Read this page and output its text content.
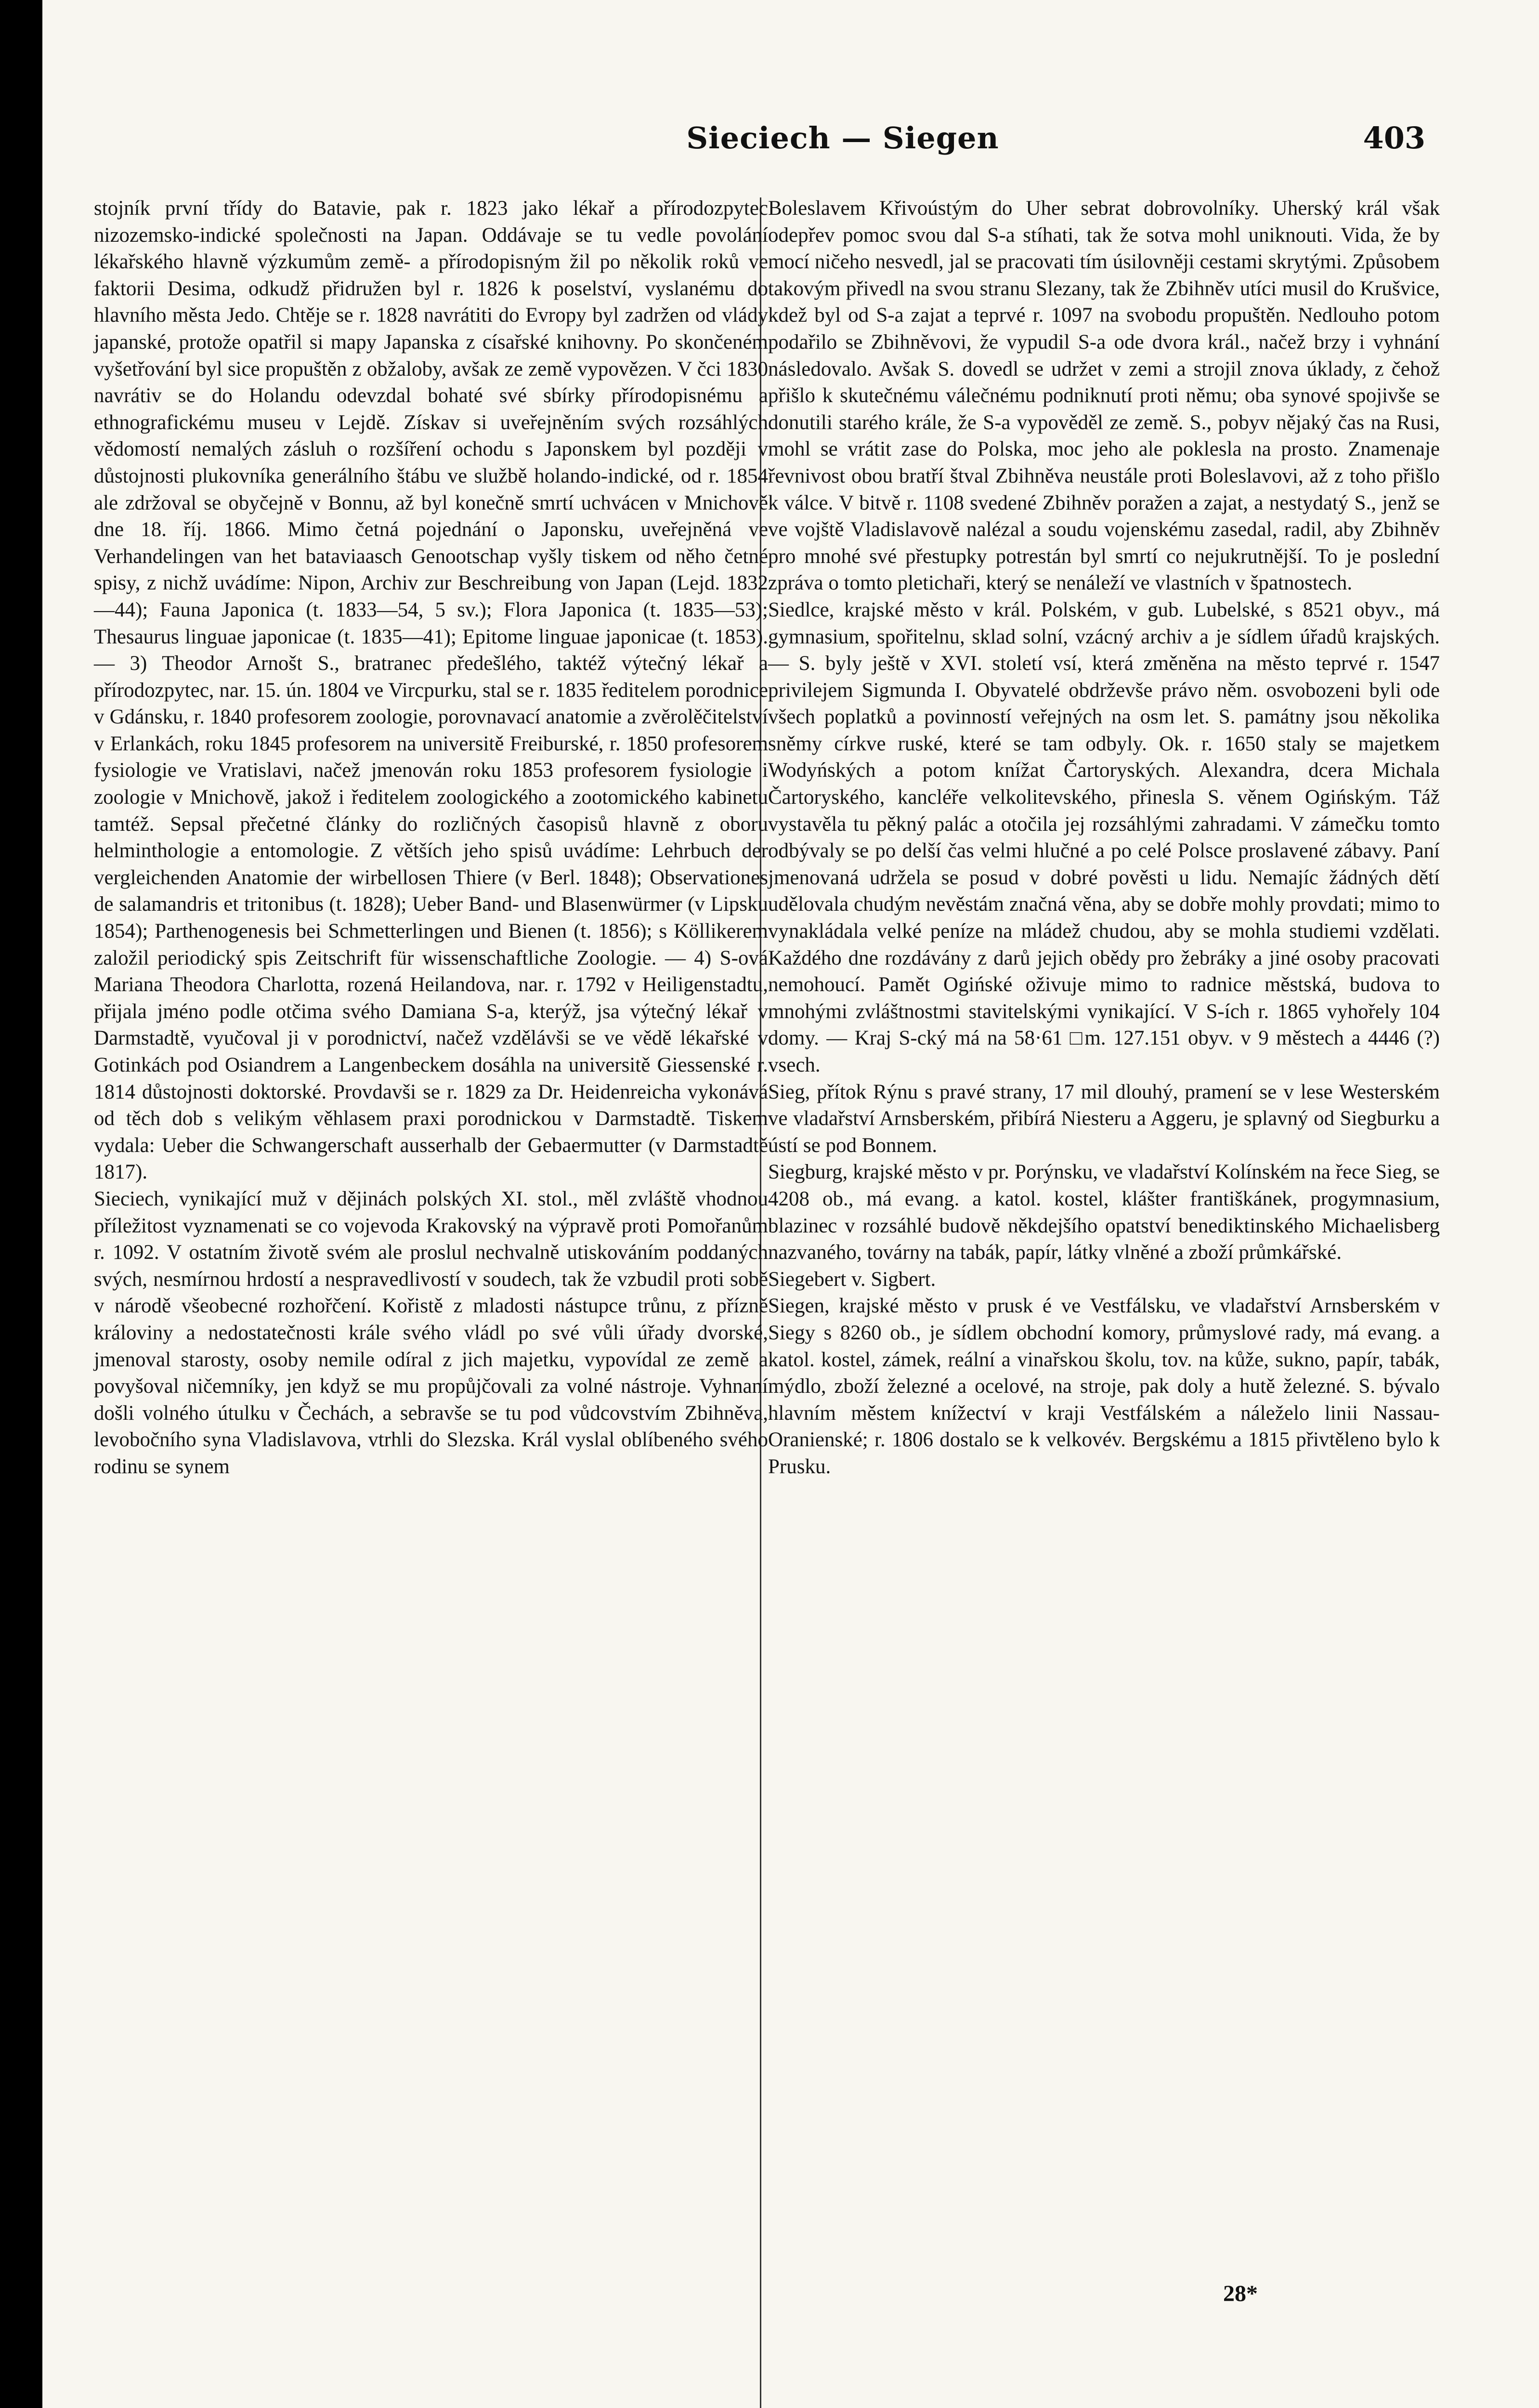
Sieciech — Siegen	403

stojník první třídy do Batavie, pak r. 1823 jako lékař a přírodozpytec nizozemsko-indické společnosti na Japan. Oddávaje se tu vedle povolání lékařského hlavně výzkumům země- a přírodopisným žil po několik roků ve faktorii Desima, odkudž přidružen byl r. 1826 k poselství, vyslanému do hlavního města Jedo. Chtěje se r. 1828 navrátiti do Evropy byl zadržen od vlády japanské, protože opatřil si mapy Japanska z císařské knihovny. Po skončeném vyšetřování byl sice propuštěn z obžaloby, avšak ze země vypovězen. V čci 1830 navrátiv se do Holandu odevzdal bohaté své sbírky přírodopisnému a ethnografickému museu v Lejdě. Získav si uveřejněním svých rozsáhlých vědomostí nemalých zásluh o rozšíření ochodu s Japonskem byl později v důstojnosti plukovníka generálního štábu ve službě holando-indické, od r. 1854 ale zdržoval se obyčejně v Bonnu, až byl konečně smrtí uchvácen v Mnichově dne 18. říj. 1866. Mimo četná pojednání o Japonsku, uveřejněná ve Verhandelingen van het bataviaasch Genootschap vyšly tiskem od něho četné spisy, z nichž uvádíme: Nipon, Archiv zur Beschreibung von Japan (Lejd. 1832—44); Fauna Japonica (t. 1833—54, 5 sv.); Flora Japonica (t. 1835—53); Thesaurus linguae japonicae (t. 1835—41); Epitome linguae japonicae (t. 1853). — 3) Theodor Arnošt S., bratranec předešlého, taktéž výtečný lékař a přírodozpytec, nar. 15. ún. 1804 ve Vircpurku, stal se r. 1835 ředitelem porodnice v Gdánsku, r. 1840 profesorem zoologie, porovnavací anatomie a zvěrolěčitelství v Erlankách, roku 1845 profesorem na universitě Freiburské, r. 1850 profesorem fysiologie ve Vratislavi, načež jmenován roku 1853 profesorem fysiologie i zoologie v Mnichově, jakož i ředitelem zoologického a zootomického kabinetu tamtéž. Sepsal přečetné články do rozličných časopisů hlavně z oboru helminthologie a entomologie. Z větších jeho spisů uvádíme: Lehrbuch der vergleichenden Anatomie der wirbellosen Thiere (v Berl. 1848); Observationes de salamandris et tritonibus (t. 1828); Ueber Band- und Blasenwürmer (v Lipsku 1854); Parthenogenesis bei Schmetterlingen und Bienen (t. 1856); s Köllikerem založil periodický spis Zeitschrift für wissenschaftliche Zoologie. — 4) S-ová Mariana Theodora Charlotta, rozená Heilandova, nar. r. 1792 v Heiligenstadtu, přijala jméno podle otčima svého Damiana S-a, kterýž, jsa výtečný lékař v Darmstadtě, vyučoval ji v porodnictví, načež vzdělávši se ve vědě lékařské v Gotinkách pod Osiandrem a Langenbeckem dosáhla na universitě Giessenské r. 1814 důstojnosti doktorské. Provdavši se r. 1829 za Dr. Heidenreicha vykonává od těch dob s velikým věhlasem praxi porodnickou v Darmstadtě. Tiskem vydala: Ueber die Schwangerschaft ausserhalb der Gebaermutter (v Darmstadtě 1817).

Sieciech, vynikající muž v dějinách polských XI. stol., měl zvláště vhodnou příležitost vyznamenati se co vojevoda Krakovský na výpravě proti Pomořanům r. 1092. V ostatním životě svém ale proslul nechvalně utiskováním poddaných svých, nesmírnou hrdostí a nespravedlivostí v soudech, tak že vzbudil proti sobě v národě všeobecné rozhořčení. Kořistě z mladosti nástupce trůnu, z přízně královiny a nedostatečnosti krále svého vládl po své vůli úřady dvorské, jmenoval starosty, osoby nemile odíral z jich majetku, vypovídal ze země a povyšoval ničemníky, jen když se mu propůjčovali za volné nástroje. Vyhnaní došli volného útulku v Čechách, a sebravše se tu pod vůdcovstvím Zbihněva, levobočního syna Vladislavova, vtrhli do Slezska. Král vyslal oblíbeného svého rodinu se synem

Boleslavem Křivoústým do Uher sebrat dobrovolníky. Uherský král však odepřev pomoc svou dal S-a stíhati, tak že sotva mohl uniknouti. Vida, že by mocí ničeho nesvedl, jal se pracovati tím úsilovněji cestami skrytými. Způsobem takovým přivedl na svou stranu Slezany, tak že Zbihněv utíci musil do Krušvice, kdež byl od S-a zajat a teprvé r. 1097 na svobodu propuštěn. Nedlouho potom podařilo se Zbihněvovi, že vypudil S-a ode dvora král., načež brzy i vyhnání následovalo. Avšak S. dovedl se udržet v zemi a strojil znova úklady, z čehož přišlo k skutečnému válečnému podniknutí proti němu; oba synové spojivše se donutili starého krále, že S-a vypověděl ze země. S., pobyv nějaký čas na Rusi, mohl se vrátit zase do Polska, moc jeho ale poklesla na prosto. Znamenaje řevnivost obou bratří štval Zbihněva neustále proti Boleslavovi, až z toho přišlo k válce. V bitvě r. 1108 svedené Zbihněv poražen a zajat, a nestydatý S., jenž se ve vojště Vladislavově nalézal a soudu vojenskému zasedal, radil, aby Zbihněv pro mnohé své přestupky potrestán byl smrtí co nejukrutnější. To je poslední zpráva o tomto pletichaři, který se nenáleží ve vlastních v špatnostech.

Siedlce, krajské město v král. Polském, v gub. Lubelské, s 8521 obyv., má gymnasium, spořitelnu, sklad solní, vzácný archiv a je sídlem úřadů krajských. — S. byly ještě v XVI. století vsí, která změněna na město teprvé r. 1547 privilejem Sigmunda I. Obyvatelé obdrževše právo něm. osvobozeni byli ode všech poplatků a povinností veřejných na osm let. S. památny jsou několika sněmy církve ruské, které se tam odbyly. Ok. r. 1650 staly se majetkem Wodyńských a potom knížat Čartoryských. Alexandra, dcera Michala Čartoryského, kancléře velkolitevského, přinesla S. věnem Ogińským. Táž vystavěla tu pěkný palác a otočila jej rozsáhlými zahradami. V zámečku tomto odbývaly se po delší čas velmi hlučné a po celé Polsce proslavené zábavy. Paní jmenovaná udržela se posud v dobré pověsti u lidu. Nemajíc žádných dětí udělovala chudým nevěstám značná věna, aby se dobře mohly provdati; mimo to vynakládala velké peníze na mládež chudou, aby se mohla studiemi vzdělati. Každého dne rozdávány z darů jejich obědy pro žebráky a jiné osoby pracovati nemohoucí. Pamět Ogińské oživuje mimo to radnice městská, budova to mnohými zvláštnostmi stavitelskými vynikající. V S-ích r. 1865 vyhořely 104 domy. — Kraj S-cký má na 58·61 □m. 127.151 obyv. v 9 městech a 4446 (?) vsech.

Sieg, přítok Rýnu s pravé strany, 17 mil dlouhý, pramení se v lese Westerském ve vladařství Arnsberském, přibírá Niesteru a Aggeru, je splavný od Siegburku a ústí se pod Bonnem.

Siegburg, krajské město v pr. Porýnsku, ve vladařství Kolínském na řece Sieg, se 4208 ob., má evang. a katol. kostel, klášter františkánek, progymnasium, blazinec v rozsáhlé budově někdejšího opatství benediktinského Michaelisberg nazvaného, továrny na tabák, papír, látky vlněné a zboží průmkářské.

Siegebert v. Sigbert.

Siegen, krajské město v prusk é ve Vestfálsku, ve vladařství Arnsberském v Siegy s 8260 ob., je sídlem obchodní komory, průmyslové rady, má evang. a katol. kostel, zámek, reální a vinařskou školu, tov. na kůže, sukno, papír, tabák, mýdlo, zboží železné a ocelové, na stroje, pak doly a hutě železné. S. bývalo hlavním městem knížectví v kraji Vestfálském a náleželo linii Nassau-Oranienské; r. 1806 dostalo se k velkovév. Bergskému a 1815 přivtěleno bylo k Prusku.

28*
